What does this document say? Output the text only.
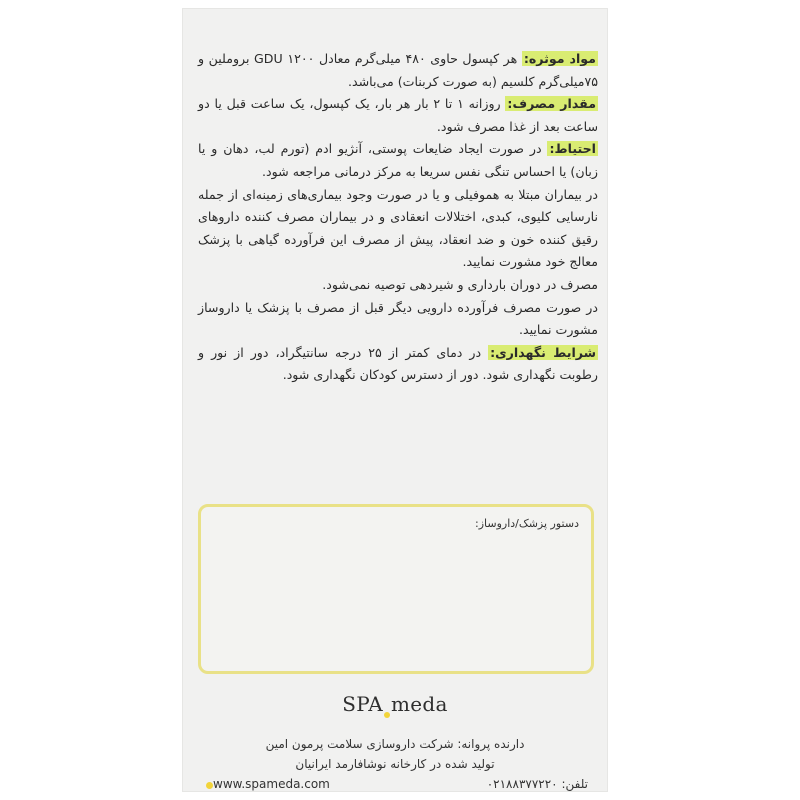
مواد موثره: هر کپسول حاوی ۴۸۰ میلی‌گرم معادل ۱۲۰۰ GDU بروملین و ۷۵میلی‌گرم کلسیم (به صورت کربنات) می‌باشد.

مقدار مصرف: روزانه ۱ تا ۲ بار هر بار، یک کپسول، یک ساعت قبل یا دو ساعت بعد از غذا مصرف شود.

احتیاط: در صورت ایجاد ضایعات پوستی، آنژیو ادم (تورم لب، دهان و یا زبان) یا احساس تنگی نفس سریعا به مرکز درمانی مراجعه شود.

در بیماران مبتلا به هموفیلی و یا در صورت وجود بیماری‌های زمینه‌ای از جمله نارسایی کلیوی، کبدی، اختلالات انعقادی و در بیماران مصرف کننده داروهای رقیق کننده خون و ضد انعقاد، پیش از مصرف این فرآورده گیاهی با پزشک معالج خود مشورت نمایید.

مصرف در دوران بارداری و شیردهی توصیه نمی‌شود.

در صورت مصرف فرآورده دارویی دیگر قبل از مصرف با پزشک یا داروساز مشورت نمایید.

شرایط نگهداری: در دمای کمتر از ۲۵ درجه سانتیگراد، دور از نور و رطوبت نگهداری شود. دور از دسترس کودکان نگهداری شود.

دستور پزشک/داروساز:
SPA meda

دارنده پروانه: شرکت داروسازی سلامت پرمون امین

تولید شده در کارخانه نوشافارمد ایرانیان

تلفن: ۰۲۱۸۸۳۷۷۲۲۰
www.spameda.com
